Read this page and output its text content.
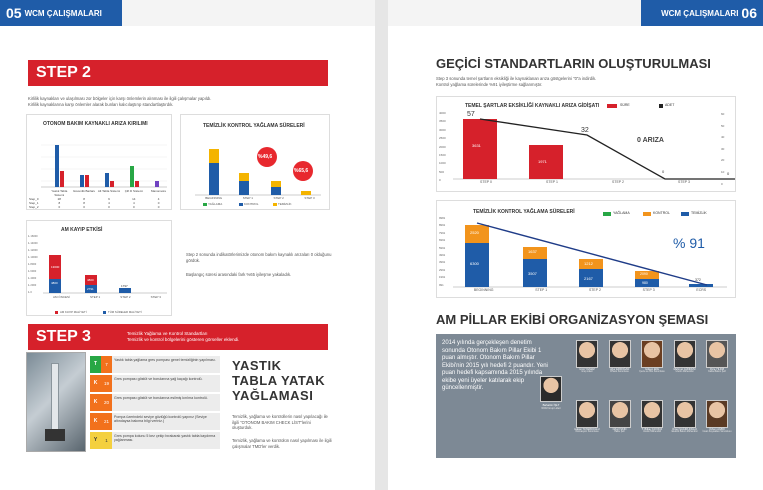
05 WCM ÇALIŞMALARI
STEP 2
Kirlilik kaynakları ve ulaşılması zor bölgeler için karşı önlemlerin alınması ile ilgili çalışmalar yapıldı.
Kirlilik kaynaklarına karşı önlemler alarak bunları kalıcılaştırıp standartlaştırdık.
OTONOM BAKIM KAYNAKLI ARIZA KIRILIMI
Yastık Tabla Sistemi
Güvenlik Barlaru Alt Tabla Sistemi	Çift D Sistemi	Manometre
Step_0	28	8	9	14	4
Step_1	8	8	4	4	0
Step_2	0	0	0	0	0
TEMİZLİK KONTROL YAĞLAMA SÜRELERİ
%49,6
%65,6
BEGINNING	STEP 1	STEP 2	STEP 3
YAĞLAMA	KONTROL	TEMİZLİK
AM KAYIP ETKİSİ
₺ 16000
₺ 14000
₺ 12000
₺ 10000
₺ 8000
₺ 6000
₺ 4000
₺ 2000
₺ 0
13000
4800
4800
2791
1797
AM ÖNCESİ	STEP 1	STEP 2	STEP 3
AM KAYIP MALİYETİ	TÜM SÜRELER MALİYETİ
Step 2 sonunda indikatörlerimizde otonom bakım kaynaklı arızaları 0 olduğunu gördük.
Başlangıç süresi arasındaki fark %65 iyileşme yakaladık.
STEP 3	Temizlik Yağlama ve Kontrol Standartları
Temizlik ve kontrol bölgelerini gösteren görseller eklendi.
T	7
Yastık tabla yağlama gres pompası genel temizliğinin yapılması.
K	19
Gres pompası göstüt ve borularına yağ kaçağı kontrolü.
K	20
Gres pompası göstüt ve borularına esilmiş kırılma kontrolü.
K	21
Pompa üzerindeki seviye gözlüğü kontrolü yapınız (Seviye altındaysa bakıma bilgi veriniz.)
Y	1
Gres pompa kolunu 5 kez çekip bırakarak yastık tabla kaydırma yağlanması.
YASTIK
TABLA YATAK
YAĞLAMASI
Temizlik, yağlama ve kontrollerin nasıl yapılacağı ile ilgili "OTONOM BAKIM CHECK LİST"lerini oluşturduk.
Temizlik, yağlama ve kontrolün nasıl yapılması ile ilgili çalışmalar TMD'ler verdik.
WCM ÇALIŞMALARI 06
GEÇİCİ STANDARTLARIN OLUŞTURULMASI
Step 3 sonunda temel şartların eksikliği ile kaynaklanan arıza göstgelerini "0"a indirdik.
Kontrol yağlama sürelerinde %91 iyileştirme sağlanmıştır.
TEMEL ŞARTLAR EKSİKLİĞİ KAYNAKLI ARIZA GİDİŞATI
4000
3500
3000
2500
2000
1500
1000
500
0
60
50
40
30
20
10
0
SÜRE	ADET
57
32
0	0
3631
1971
0 ARIZA
STEP 0	STEP 1	STEP 2	STEP 3
TEMİZLİK KONTROL YAĞLAMA SÜRELERİ
9981
8991
7991
6991
5991
4991
3991
2991
1991
991
YAĞLAMA	KONTROL	TEMİZLİK
2520
1637
1212
6300
3507
2167
980
2090
372
% 91
BEGINNING	STEP 1	STEP 2	STEP 3	ECRS
AM PİLLAR EKİBİ ORGANİZASYON ŞEMASI
2014 yılında gerçekleşen denetim sonunda Otonom Bakım Pillar Ekibi 1 puan almıştır. Otonom Bakım Pillar Ekibi'nin 2015 yılı hedefi 2 puandır. Yeni puan hedefi kapsamında 2015 yılında ekibe yeni üyeler katılarak ekip güncellenmiştir.
Bahattin İŞLT
WCM Grup Lideri
Ümit YILMAZ
Grup Lideri
Uğur ERDOĞAN
Finans Sorumlusu
Gülşen EFE
Çevre ve İSG Sorumlusu
Mehmet GÜNDÜM
Üretim Mühendisi
Rıza YILDIZ
Kalite Bakım Şefi
Hakan TATARDOĞLU
Otomasyon Sorumlusu
Oğuz İSKİN
Kalite Şefi
T. Bilkay KAYIKÇI
Üretim Mühendisi
Ömer SAĞIRLIOĞLU
Elektrik Bakım Mühendisi
Özlem AĞBÖ
İnsan Kaynakları Sorumlusu
